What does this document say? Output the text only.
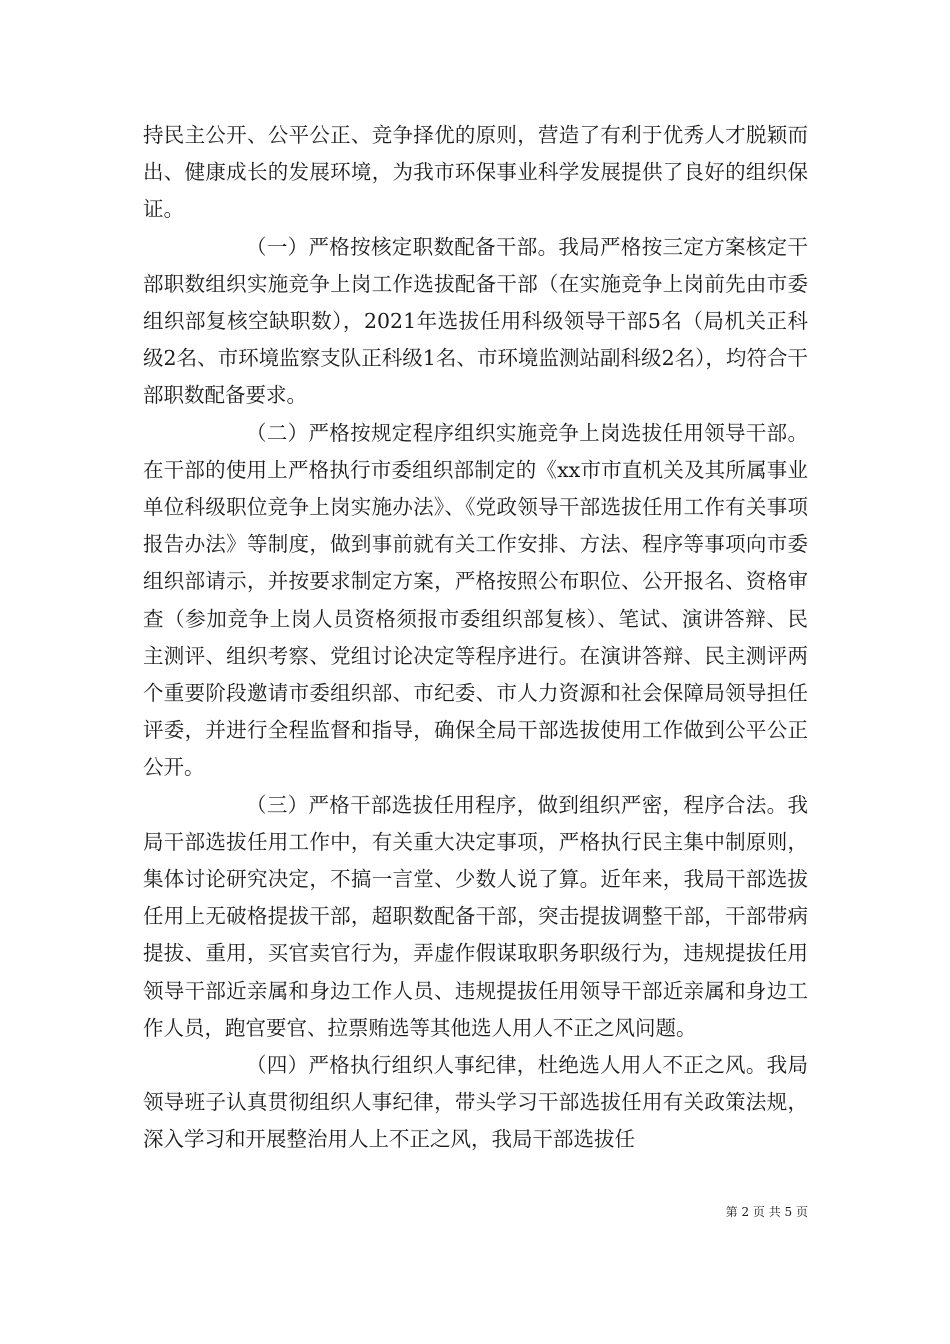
持民主公开、公平公正、竞争择优的原则，营造了有利于优秀人才脱颖而出、健康成长的发展环境，为我市环保事业科学发展提供了良好的组织保证。

（一）严格按核定职数配备干部。我局严格按三定方案核定干部职数组织实施竞争上岗工作选拔配备干部（在实施竞争上岗前先由市委组织部复核空缺职数），2021年选拔任用科级领导干部5名（局机关正科级2名、市环境监察支队正科级1名、市环境监测站副科级2名），均符合干部职数配备要求。

（二）严格按规定程序组织实施竞争上岗选拔任用领导干部。在干部的使用上严格执行市委组织部制定的《xx市市直机关及其所属事业单位科级职位竞争上岗实施办法》、《党政领导干部选拔任用工作有关事项报告办法》等制度，做到事前就有关工作安排、方法、程序等事项向市委组织部请示，并按要求制定方案，严格按照公布职位、公开报名、资格审查（参加竞争上岗人员资格须报市委组织部复核）、笔试、演讲答辩、民主测评、组织考察、党组讨论决定等程序进行。在演讲答辩、民主测评两个重要阶段邀请市委组织部、市纪委、市人力资源和社会保障局领导担任评委，并进行全程监督和指导，确保全局干部选拔使用工作做到公平公正公开。

（三）严格干部选拔任用程序，做到组织严密，程序合法。我局干部选拔任用工作中，有关重大决定事项，严格执行民主集中制原则，集体讨论研究决定，不搞一言堂、少数人说了算。近年来，我局干部选拔任用上无破格提拔干部，超职数配备干部，突击提拔调整干部，干部带病提拔、重用，买官卖官行为，弄虚作假谋取职务职级行为，违规提拔任用领导干部近亲属和身边工作人员、违规提拔任用领导干部近亲属和身边工作人员，跑官要官、拉票贿选等其他选人用人不正之风问题。

（四）严格执行组织人事纪律，杜绝选人用人不正之风。我局领导班子认真贯彻组织人事纪律，带头学习干部选拔任用有关政策法规，深入学习和开展整治用人上不正之风，我局干部选拔任

第 2 页 共 5 页
